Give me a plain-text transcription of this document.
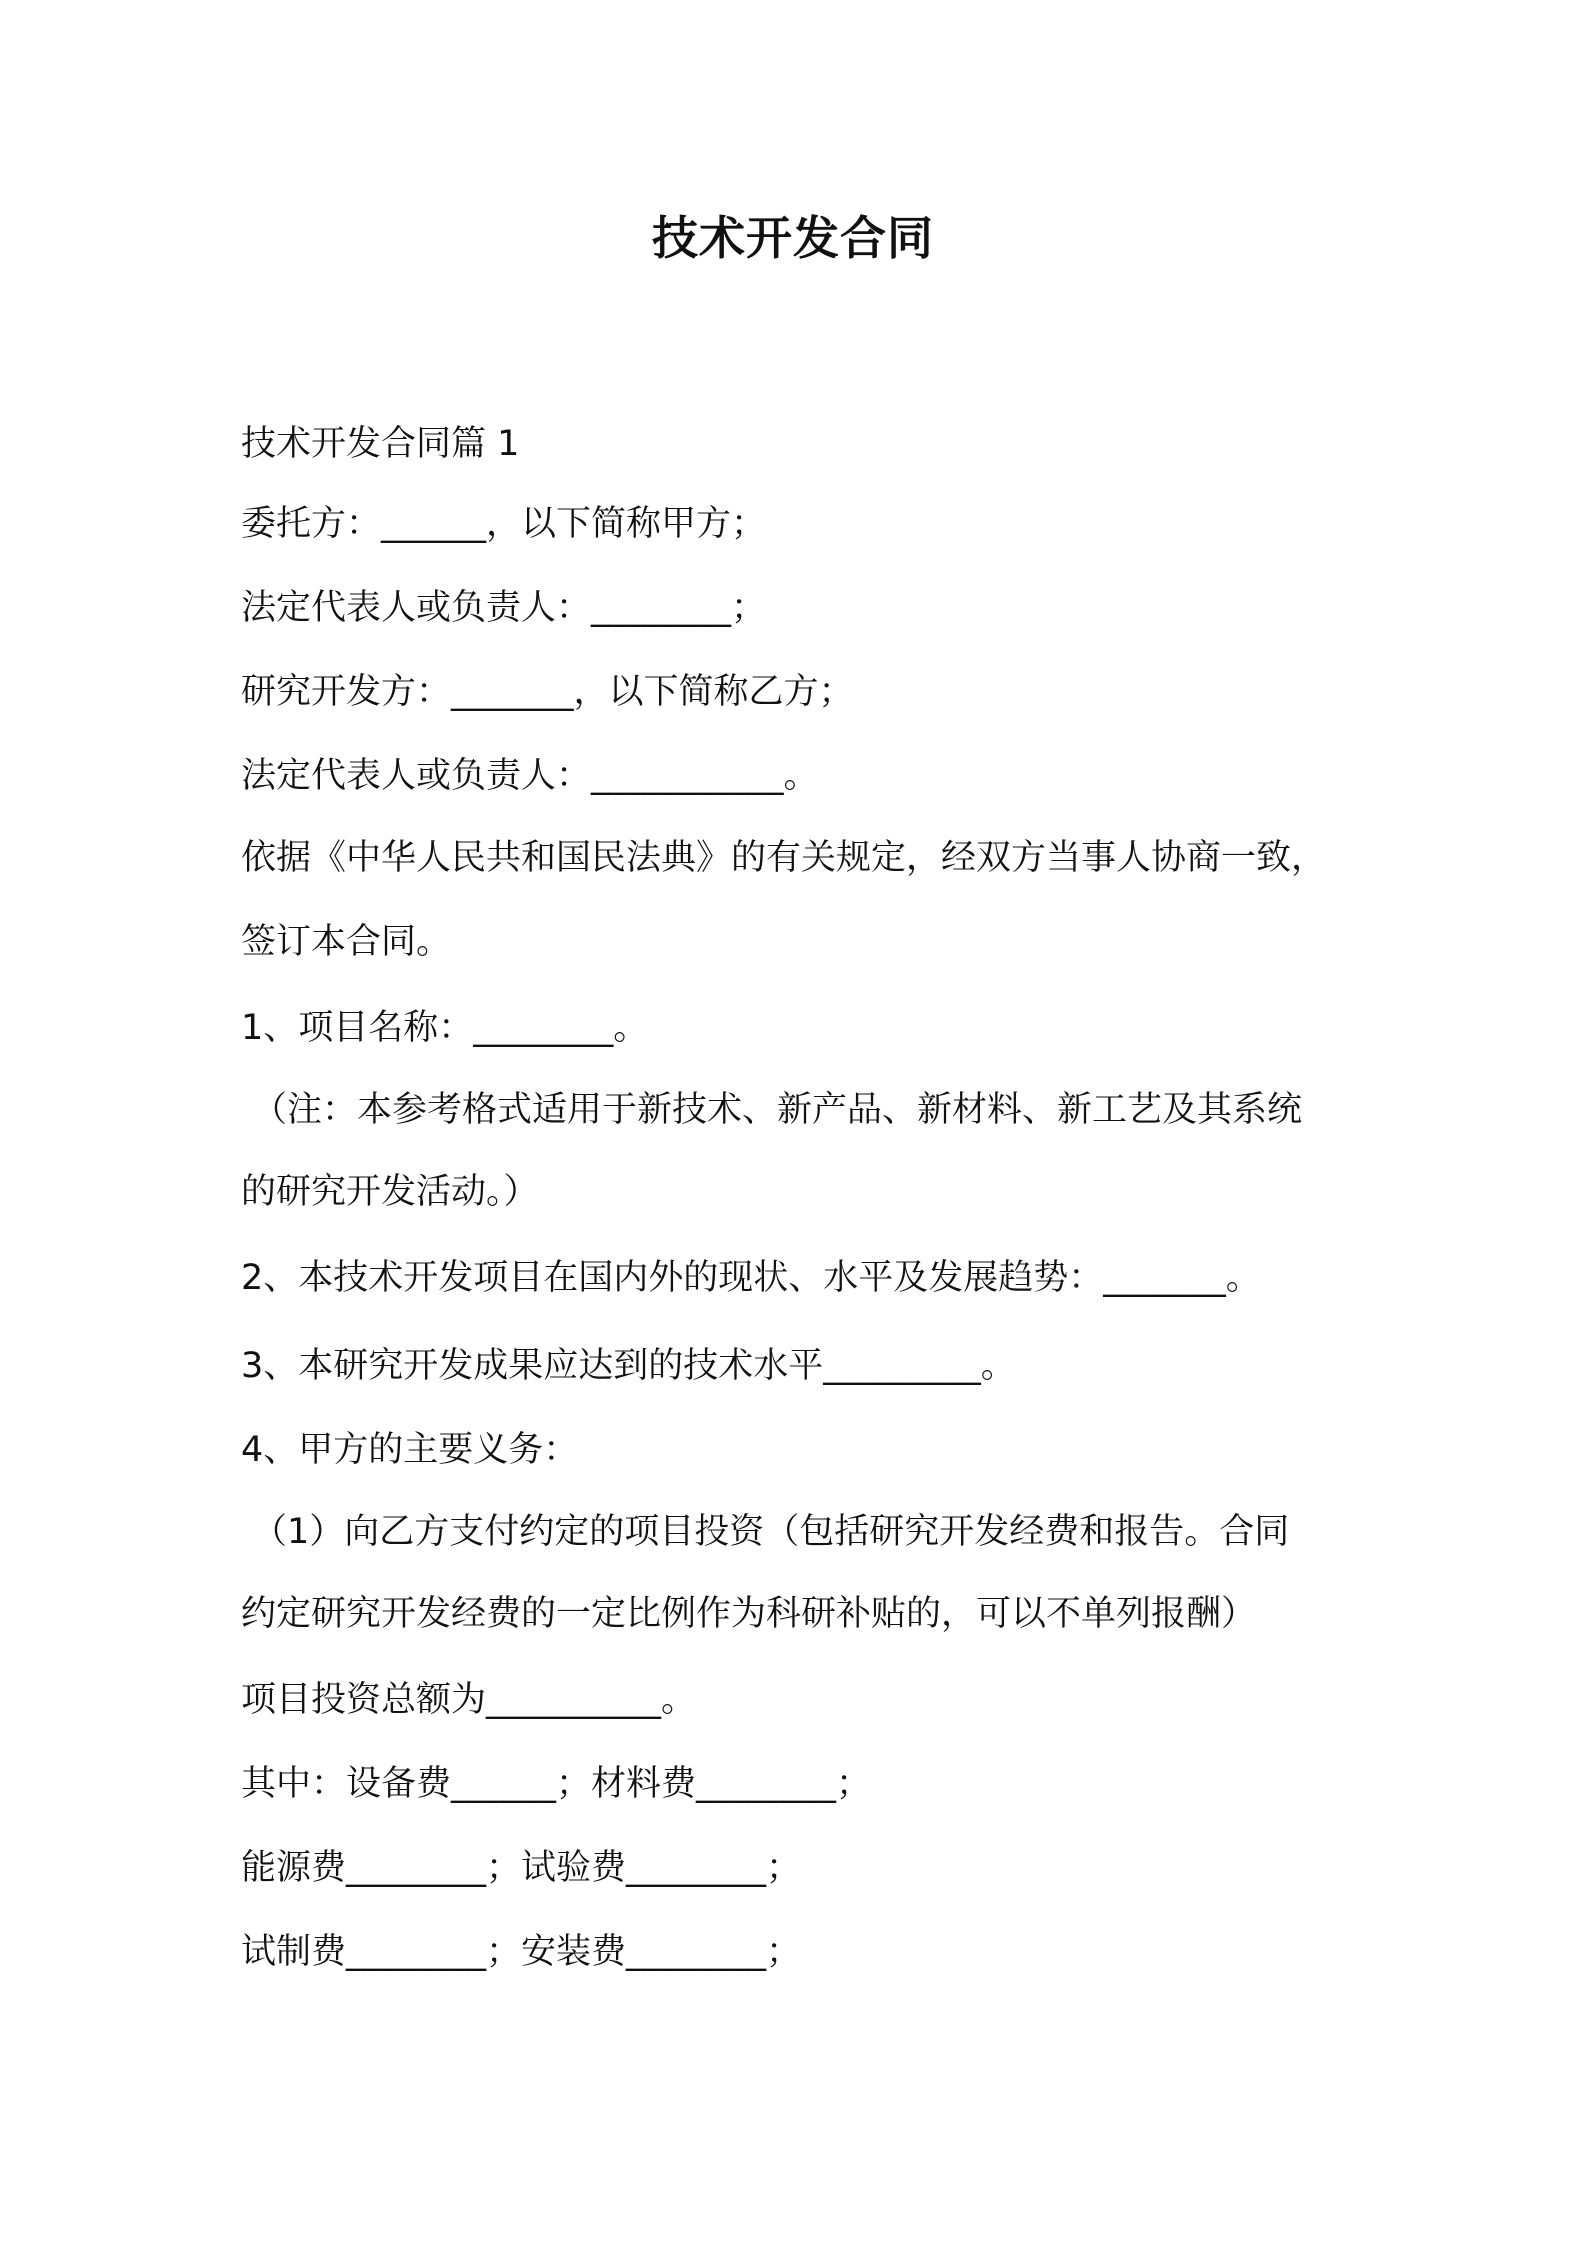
技术开发合同
技术开发合同篇 1
委托方：______，以下简称甲方；
法定代表人或负责人：________；
研究开发方：_______，以下简称乙方；
法定代表人或负责人：___________。
依据《中华人民共和国民法典》的有关规定，经双方当事人协商一致，
签订本合同。
1、项目名称：________。
（注：本参考格式适用于新技术、新产品、新材料、新工艺及其系统
的研究开发活动。）
2、本技术开发项目在国内外的现状、水平及发展趋势：_______。
3、本研究开发成果应达到的技术水平_________。
4、甲方的主要义务：
（1）向乙方支付约定的项目投资（包括研究开发经费和报告。合同
约定研究开发经费的一定比例作为科研补贴的，可以不单列报酬）
项目投资总额为__________。
其中：设备费______；材料费________；
能源费________；试验费________；
试制费________；安装费________；
